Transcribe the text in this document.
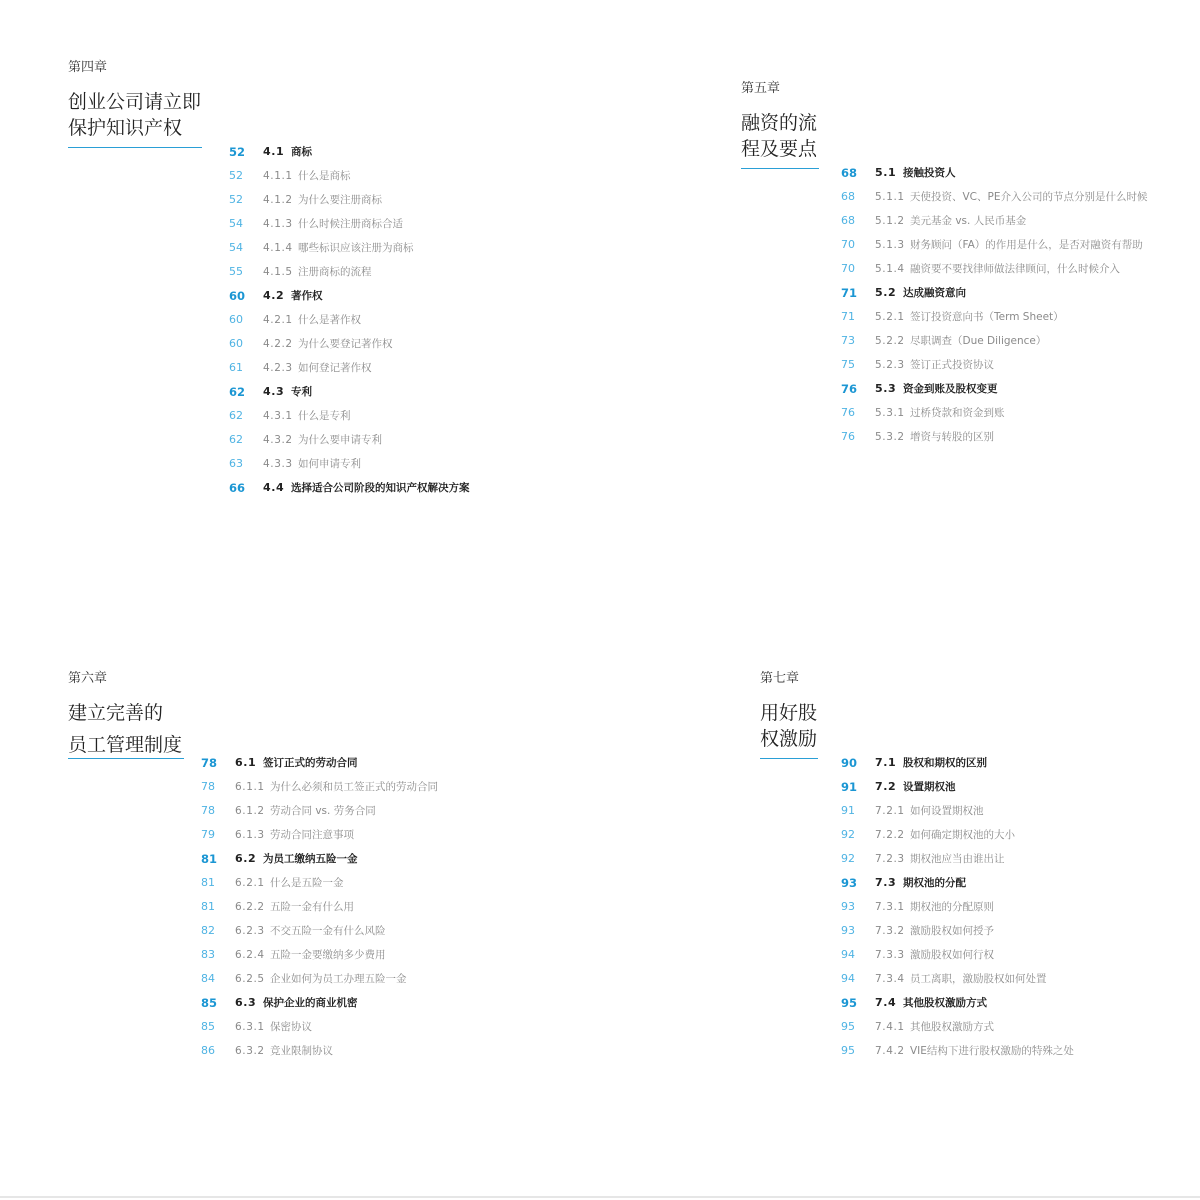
第四章
创业公司请立即
保护知识产权
52	4.1 商标
52	4.1.1 什么是商标
52	4.1.2 为什么要注册商标
54	4.1.3 什么时候注册商标合适
54	4.1.4 哪些标识应该注册为商标
55	4.1.5 注册商标的流程
60	4.2 著作权
60	4.2.1 什么是著作权
60	4.2.2 为什么要登记著作权
61	4.2.3 如何登记著作权
62	4.3 专利
62	4.3.1 什么是专利
62	4.3.2 为什么要申请专利
63	4.3.3 如何申请专利
66	4.4 选择适合公司阶段的知识产权解决方案
第五章
融资的流
程及要点
68	5.1 接触投资人
68	5.1.1 天使投资、VC、PE介入公司的节点分别是什么时候
68	5.1.2 美元基金 vs. 人民币基金
70	5.1.3 财务顾问（FA）的作用是什么，是否对融资有帮助
70	5.1.4 融资要不要找律师做法律顾问，什么时候介入
71	5.2 达成融资意向
71	5.2.1 签订投资意向书（Term Sheet）
73	5.2.2 尽职调查（Due Diligence）
75	5.2.3 签订正式投资协议
76	5.3 资金到账及股权变更
76	5.3.1 过桥贷款和资金到账
76	5.3.2 增资与转股的区别
第六章
建立完善的
员工管理制度
78	6.1 签订正式的劳动合同
78	6.1.1 为什么必须和员工签正式的劳动合同
78	6.1.2 劳动合同 vs. 劳务合同
79	6.1.3 劳动合同注意事项
81	6.2 为员工缴纳五险一金
81	6.2.1 什么是五险一金
81	6.2.2 五险一金有什么用
82	6.2.3 不交五险一金有什么风险
83	6.2.4 五险一金要缴纳多少费用
84	6.2.5 企业如何为员工办理五险一金
85	6.3 保护企业的商业机密
85	6.3.1 保密协议
86	6.3.2 竞业限制协议
第七章
用好股
权激励
90	7.1 股权和期权的区别
91	7.2 设置期权池
91	7.2.1 如何设置期权池
92	7.2.2 如何确定期权池的大小
92	7.2.3 期权池应当由谁出让
93	7.3 期权池的分配
93	7.3.1 期权池的分配原则
93	7.3.2 激励股权如何授予
94	7.3.3 激励股权如何行权
94	7.3.4 员工离职，激励股权如何处置
95	7.4 其他股权激励方式
95	7.4.1 其他股权激励方式
95	7.4.2 VIE结构下进行股权激励的特殊之处
